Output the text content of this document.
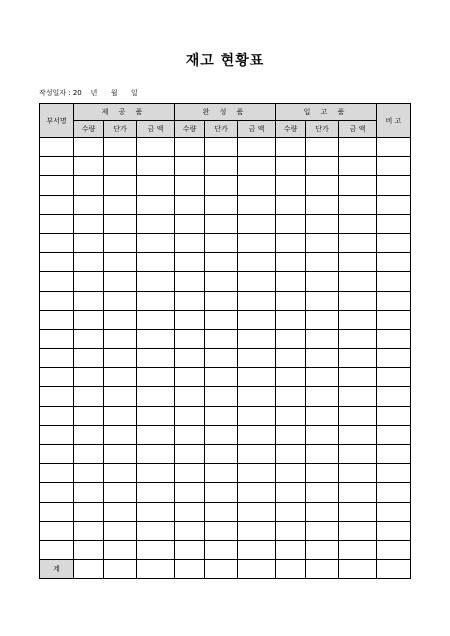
재고 현황표
작성일자 : 20    년      월      일
부서명	제 공 품			완 성 품			입 고 품			비 고
	수량	단가	금 액	수량	단가	금 액	수량	단가	금 액	

계										
